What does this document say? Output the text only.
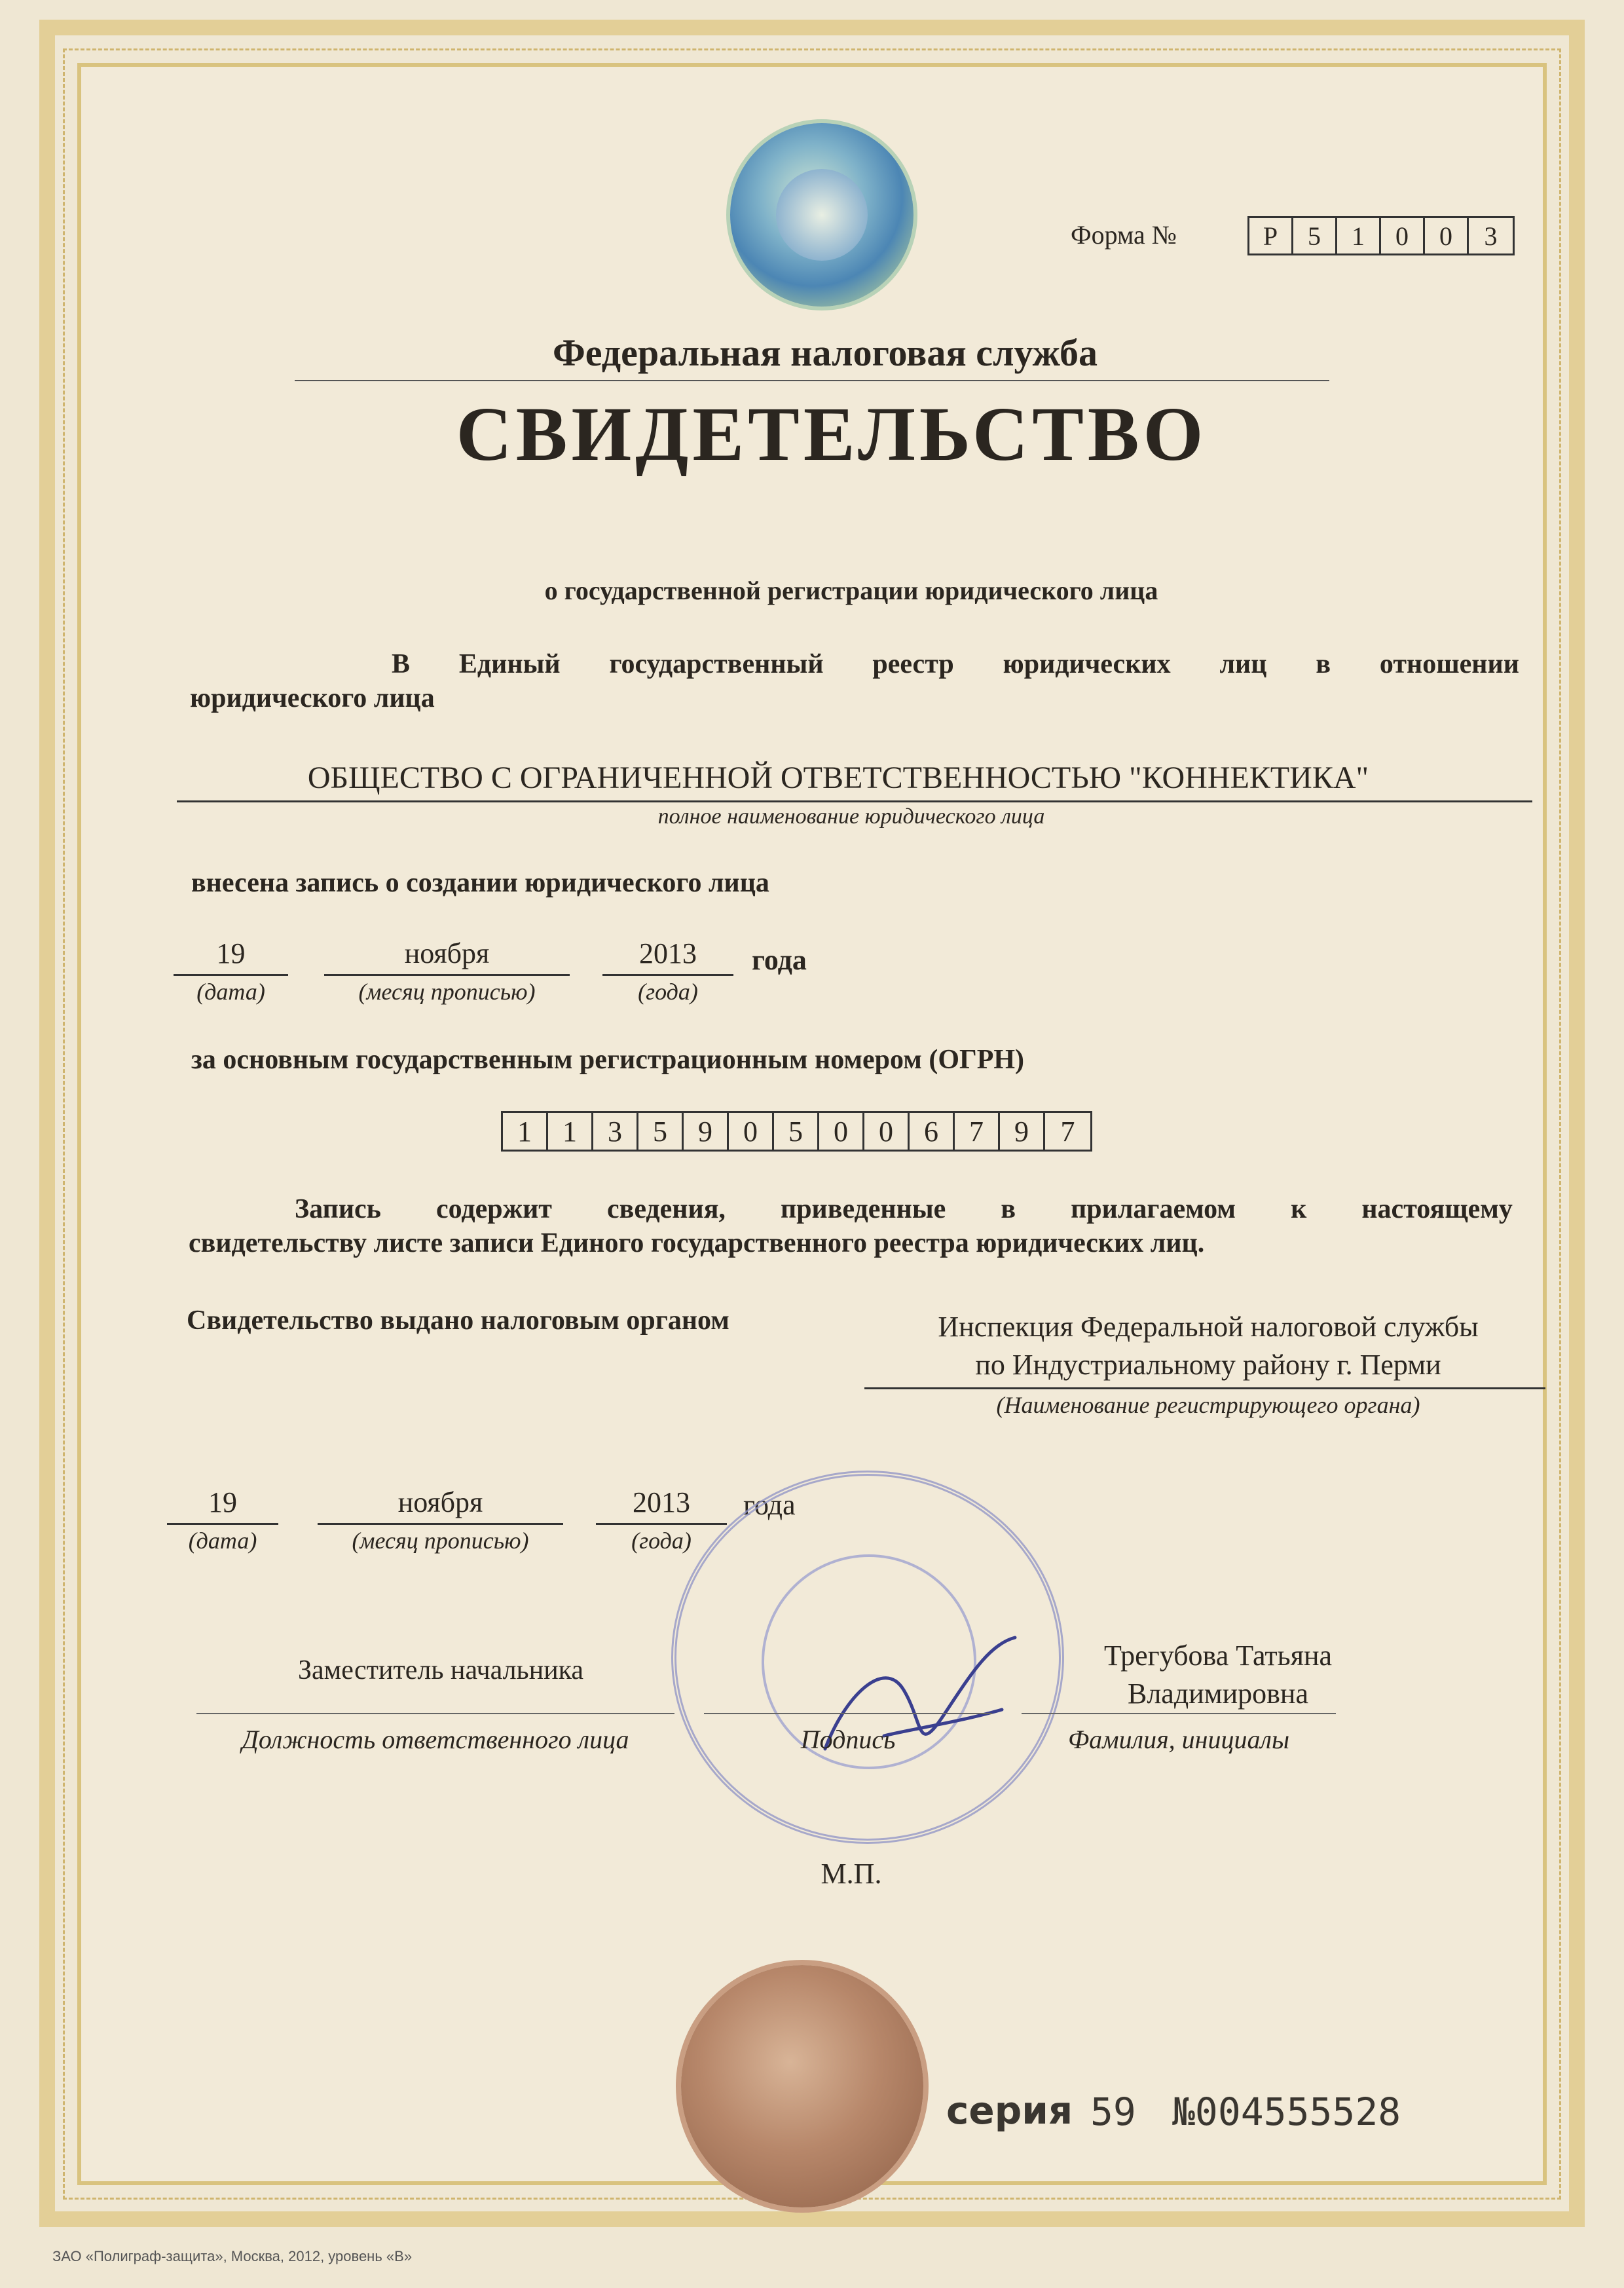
Форма №	Р	5	1	0	0	3
Федеральная налоговая служба
СВИДЕТЕЛЬСТВО
о государственной регистрации юридического лица
В Единый государственный реестр юридических лиц в отношении
юридического лица
ОБЩЕСТВО С ОГРАНИЧЕННОЙ ОТВЕТСТВЕННОСТЬЮ "КОННЕКТИКА"
полное наименование юридического лица
внесена запись о создании юридического лица
19
(дата)
ноября
(месяц прописью)
2013
(года)
года
за основным государственным регистрационным номером (ОГРН)
1	1	3	5	9	0	5	0	0	6	7	9	7
Запись содержит сведения, приведенные в прилагаемом к настоящему
свидетельству листе записи Единого государственного реестра юридических лиц.
Свидетельство выдано налоговым органом	Инспекция Федеральной налоговой службы
по Индустриальному району г. Перми
(Наименование регистрирующего органа)
19
(дата)
ноября
(месяц прописью)
2013
(года)
года
Заместитель начальника	Трегубова Татьяна
Владимировна
Должность ответственного лица	Подпись	Фамилия, инициалы
М.П.
серия 59 №004555528
ЗАО «Полиграф-защита», Москва, 2012, уровень «В»
